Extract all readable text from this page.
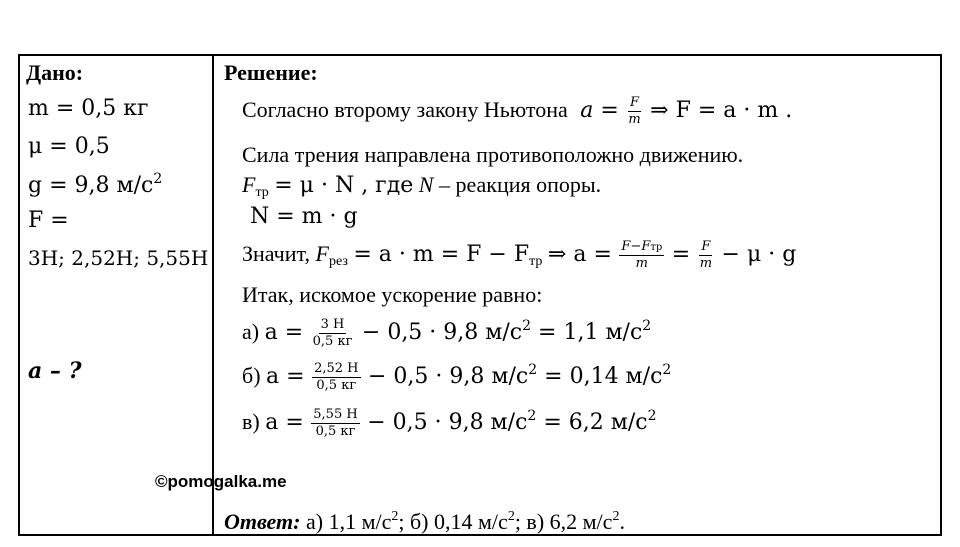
Дано:
m = 0,5 кг
μ = 0,5
g = 9,8 $м/с^2$
F =
3Н; 2,52Н; 5,55Н
a – ?
Решение:
Согласно второму закону Ньютона $a = \frac{F}{m}$ ⇒ F = a · m .
Сила трения направлена противоположно движению.
$F_{тр} = \mu \cdot N$ , где N – реакция опоры.
N = m · g
Значит, $F_{рез} = a \cdot m = F - F_{тр}$ ⇒ $a = \frac{\text{F−Fтр}}{m} = \frac{F}{m} - \mu \cdot g$
Итак, искомое ускорение равно:
а) $a = \frac{3 Н}{0,5 кг} - 0,5 \cdot 9,8$ $м/с^2 = 1,1$ $м/с^2$
б) $a = \frac{2,52 Н}{0,5 кг} - 0,5 \cdot 9,8$ $м/с^2 = 0,14$ $м/с^2$
в) $a = \frac{5,55 Н}{0,5 кг} - 0,5 \cdot 9,8$ $м/с^2 = 6,2$ $м/с^2$
©pomogalka.me
Ответ: а) 1,1 $м/с^2$; б) 0,14 $м/с^2$; в) 6,2 $м/с^2$.
